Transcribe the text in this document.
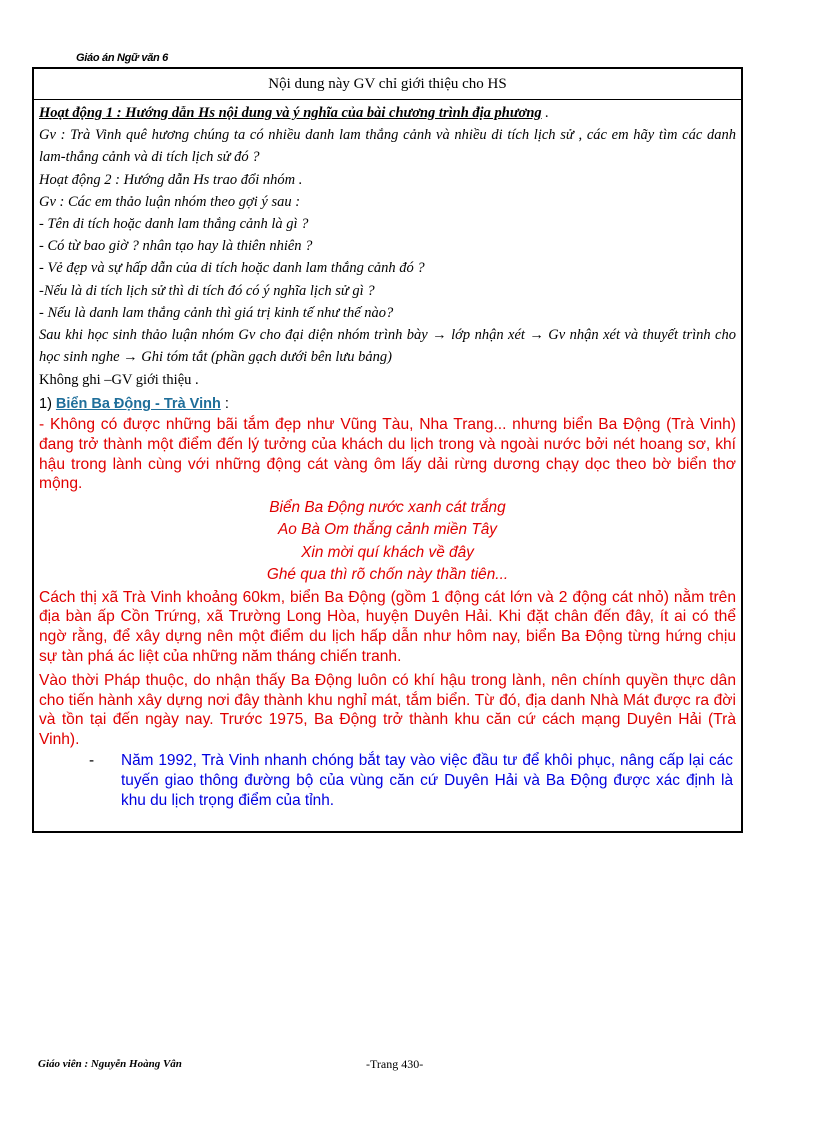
Giáo án Ngữ văn 6
Nội dung này GV chỉ giới thiệu cho HS
Hoạt động 1 : Hướng dẫn Hs nội dung và ý nghĩa của bài chương trình địa phương .
Gv : Trà Vinh quê hương chúng ta có nhiều danh lam thắng cảnh và nhiều di tích lịch sử , các em hãy tìm các danh lam-thắng cảnh và di tích lịch sử đó ?
Hoạt động 2 : Hướng dẫn Hs trao đổi nhóm .
Gv : Các em thảo luận nhóm theo gợi ý sau :
- Tên di tích hoặc danh lam thắng cảnh là gì ?
- Có từ bao giờ ? nhân tạo hay là thiên nhiên ?
- Vẻ đẹp và sự hấp dẫn của di tích hoặc danh lam thắng cảnh đó ?
-Nếu là di tích lịch sử thì di tích đó có ý nghĩa lịch sử gì ?
- Nếu là danh lam thắng cảnh thì giá trị kinh tế như thế nào?
Sau khi học sinh thảo luận nhóm Gv cho đại diện nhóm trình bày → lớp nhận xét → Gv nhận xét và thuyết trình cho học sinh nghe → Ghi tóm tắt (phần gạch dưới bên lưu bảng)
Không ghi –GV giới thiệu .
1) Biển Ba Động - Trà Vinh :

- Không có được những bãi tắm đẹp như Vũng Tàu, Nha Trang... nhưng biển Ba Động (Trà Vinh) đang trở thành một điểm đến lý tưởng của khách du lịch trong và ngoài nước bởi nét hoang sơ, khí hậu trong lành cùng với những động cát vàng ôm lấy dải rừng dương chạy dọc theo bờ biển thơ mộng.

Biển Ba Động nước xanh cát trắng
Ao Bà Om thắng cảnh miền Tây
Xin mời quí khách về đây
Ghé qua thì rõ chốn này thần tiên...

Cách thị xã Trà Vinh khoảng 60km, biển Ba Động (gồm 1 động cát lớn và 2 động cát nhỏ) nằm trên địa bàn ấp Cồn Trứng, xã Trường Long Hòa, huyện Duyên Hải. Khi đặt chân đến đây, ít ai có thể ngờ rằng, để xây dựng nên một điểm du lịch hấp dẫn như hôm nay, biển Ba Động từng hứng chịu sự tàn phá ác liệt của những năm tháng chiến tranh.

Vào thời Pháp thuộc, do nhận thấy Ba Động luôn có khí hậu trong lành, nên chính quyền thực dân cho tiến hành xây dựng nơi đây thành khu nghỉ mát, tắm biển. Từ đó, địa danh Nhà Mát được ra đời và tồn tại đến ngày nay. Trước 1975, Ba Động trở thành khu căn cứ cách mạng Duyên Hải (Trà Vinh).

-	Năm 1992, Trà Vinh nhanh chóng bắt tay vào việc đầu tư để khôi phục, nâng cấp lại các tuyến giao thông đường bộ của vùng căn cứ Duyên Hải và Ba Động được xác định là khu du lịch trọng điểm của tỉnh.
Giáo viên : Nguyễn Hoàng Vân	-Trang 430-
